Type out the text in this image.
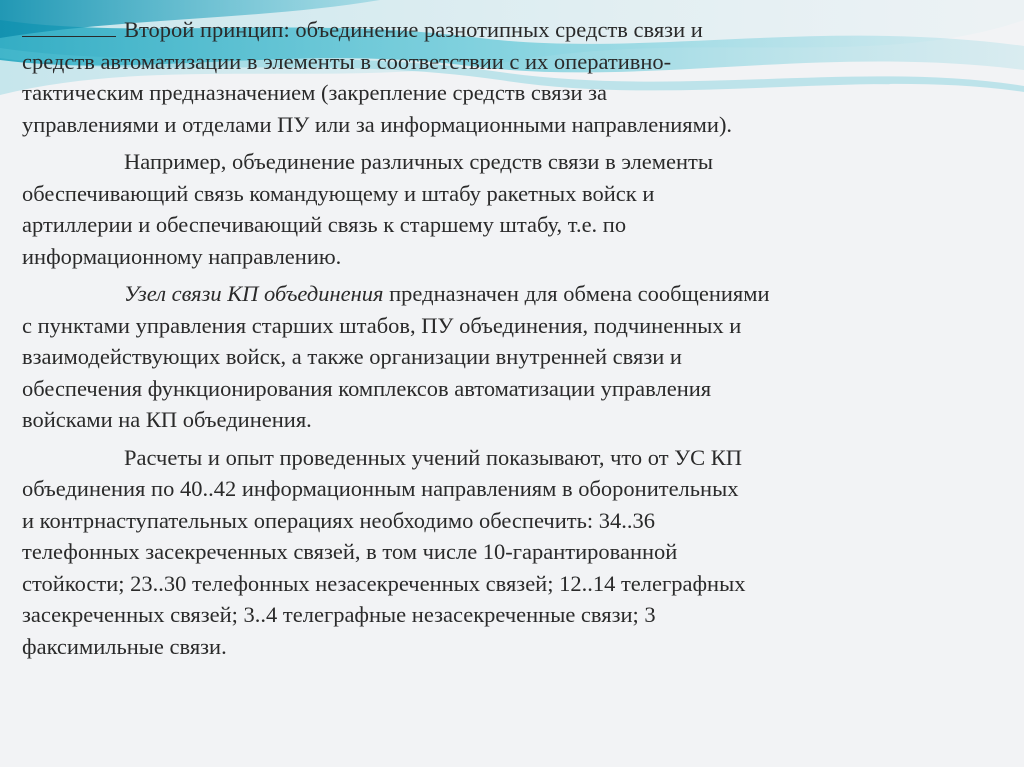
Второй принцип: объединение разнотипных средств связи и
средств автоматизации в элементы в соответствии с их оперативно-
тактическим предназначением (закрепление средств связи за
управлениями и отделами ПУ или за информационными направлениями).

Например, объединение различных средств связи в элементы
обеспечивающий связь командующему и штабу ракетных войск и
артиллерии и обеспечивающий связь к старшему штабу, т.е. по
информационному направлению.

Узел связи КП объединения предназначен для обмена сообщениями
с пунктами управления старших штабов, ПУ объединения, подчиненных и
взаимодействующих войск, а также организации внутренней связи и
обеспечения функционирования комплексов автоматизации управления
войсками на КП объединения.

Расчеты и опыт проведенных учений показывают, что от УС КП
объединения по 40..42 информационным направлениям в оборонительных
и контрнаступательных операциях необходимо обеспечить: 34..36
телефонных засекреченных связей, в том числе 10-гарантированной
стойкости; 23..30 телефонных незасекреченных связей; 12..14 телеграфных
засекреченных связей; 3..4 телеграфные незасекреченные связи; 3
факсимильные связи.
